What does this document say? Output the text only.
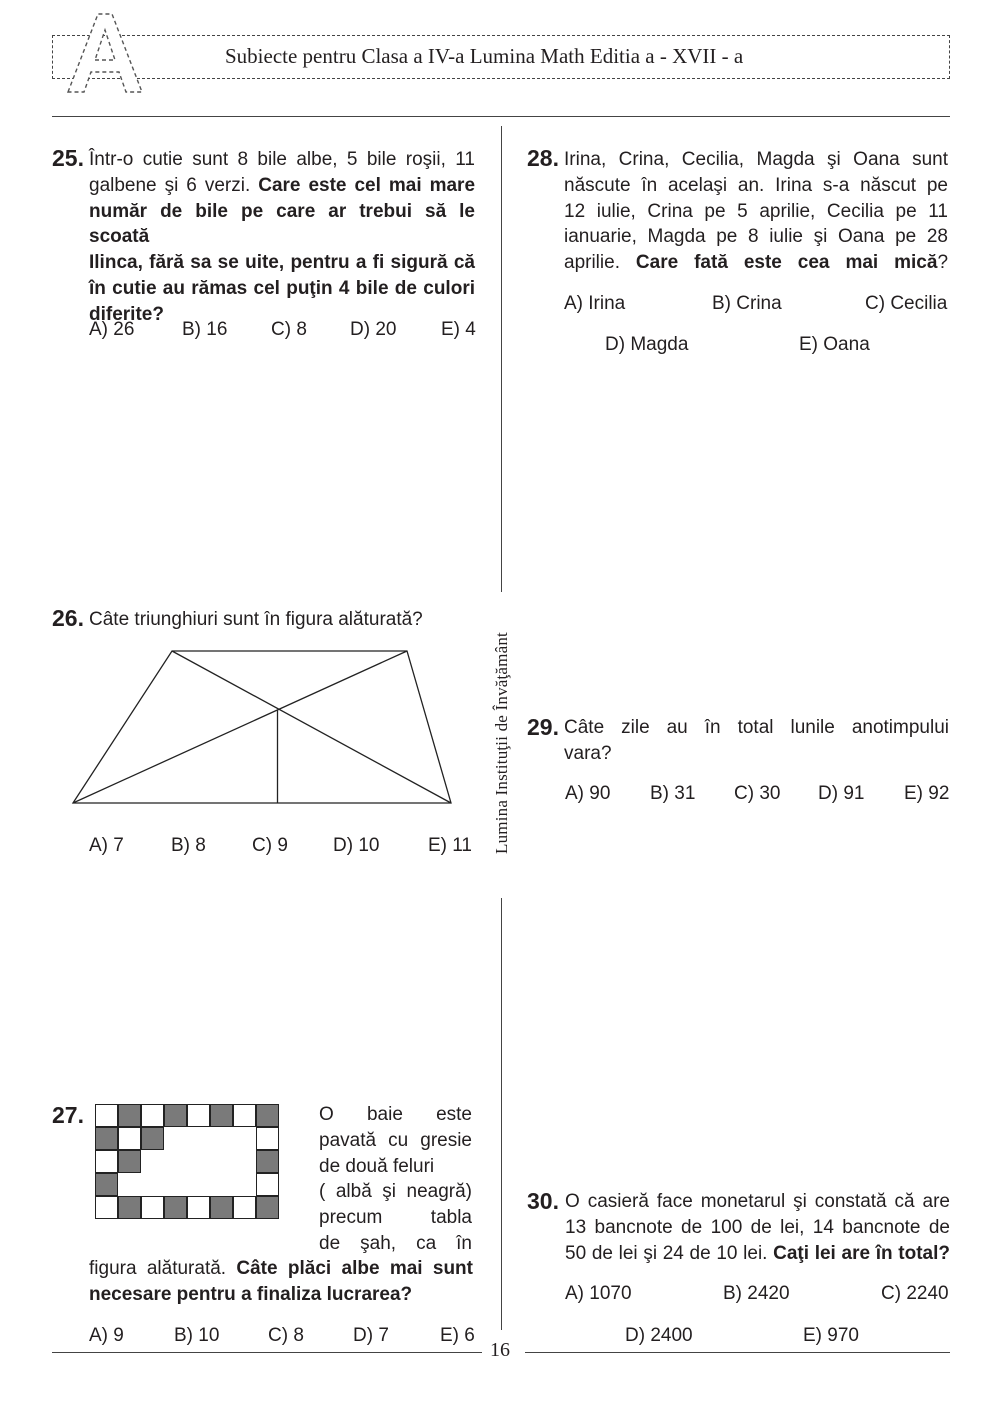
Subiecte pentru Clasa a IV-a Lumina Math Editia a - XVII - a
Lumina Instituţii de Învăţământ
25. Într-o cutie sunt 8 bile albe, 5 bile roşii, 11
galbene şi 6 verzi. Care este cel mai mare
număr de bile pe care ar trebui să le scoată
Ilinca, fără sa se uite, pentru a fi sigură că
în cutie au rămas cel puţin 4 bile de culori
diferite?
A) 26	B) 16 C) 8 D) 20 E) 4
26. Câte triunghiuri sunt în figura alăturată?
A) 7 B) 8 C) 9 D) 10	E) 11
27.	O baie este
pavată cu gresie
de două feluri
( albă şi neagră)
precum tabla
de şah, ca în
figura alăturată. Câte plăci albe mai sunt
necesare pentru a finaliza lucrarea?
A) 9	B) 10	C) 8	D) 7	E) 6
28. Irina, Crina, Cecilia, Magda şi Oana sunt
născute în acelaşi an. Irina s-a născut pe
12 iulie, Crina pe 5 aprilie, Cecilia pe 11
ianuarie, Magda pe 8 iulie şi Oana pe 28
aprilie. Care fată este cea mai mică?
A) Irina	B) Crina	C) Cecilia
D) Magda	E) Oana
29. Câte zile au în total lunile anotimpului
vara?
A) 90 B) 31 C) 30 D) 91 E) 92
30. O casieră face monetarul şi constată că are
13 bancnote de 100 de lei, 14 bancnote de
50 de lei şi 24 de 10 lei. Caţi lei are în total?
A) 1070	B) 2420	C) 2240
D) 2400	E) 970
16
